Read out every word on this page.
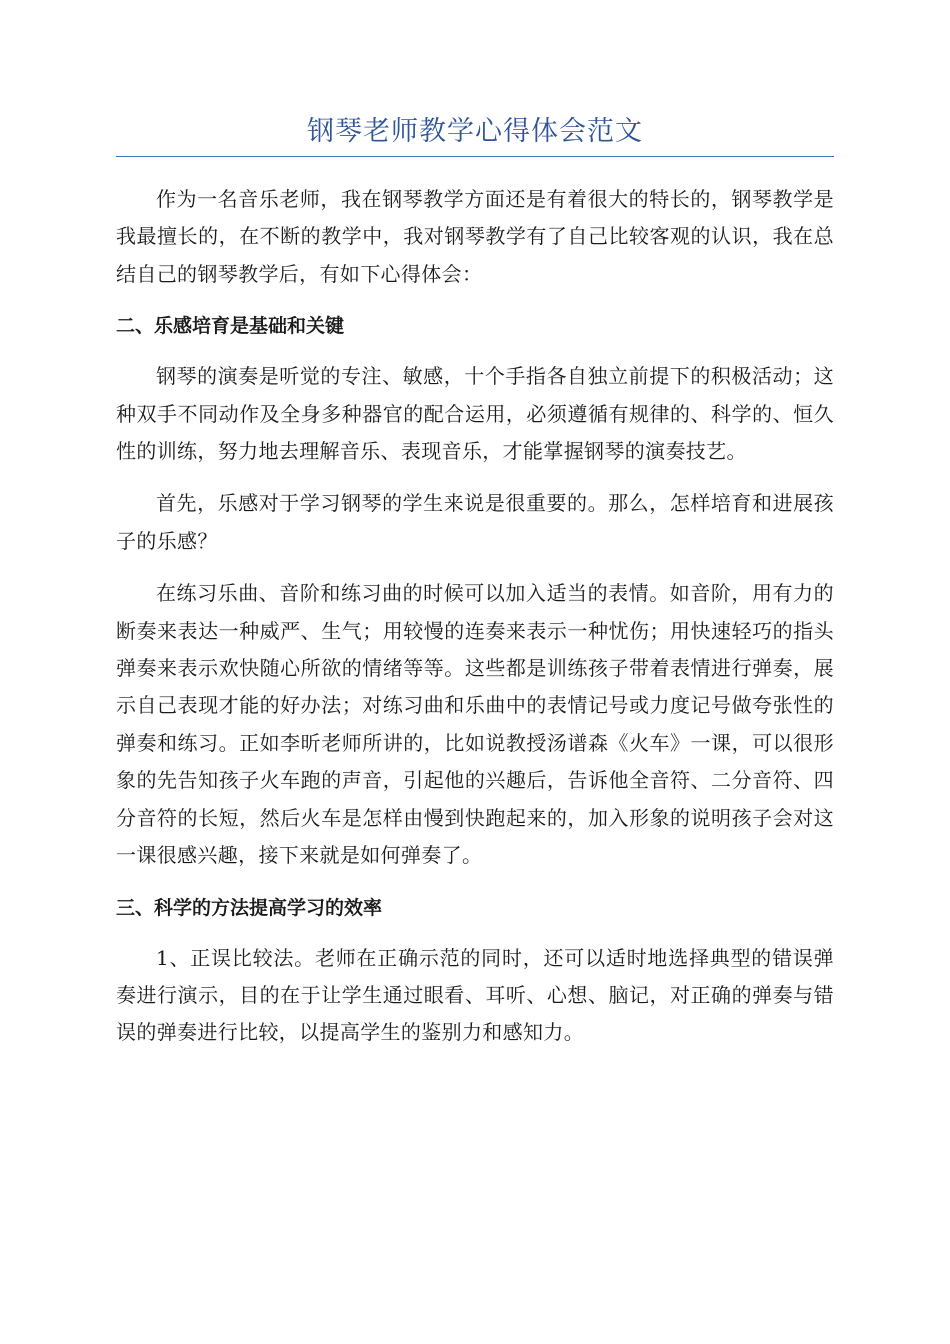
钢琴老师教学心得体会范文

作为一名音乐老师，我在钢琴教学方面还是有着很大的特长的，钢琴教学是我最擅长的，在不断的教学中，我对钢琴教学有了自己比较客观的认识，我在总结自己的钢琴教学后，有如下心得体会：

二、乐感培育是基础和关键

钢琴的演奏是听觉的专注、敏感，十个手指各自独立前提下的积极活动；这种双手不同动作及全身多种器官的配合运用，必须遵循有规律的、科学的、恒久性的训练，努力地去理解音乐、表现音乐，才能掌握钢琴的演奏技艺。

首先，乐感对于学习钢琴的学生来说是很重要的。那么，怎样培育和进展孩子的乐感？

在练习乐曲、音阶和练习曲的时候可以加入适当的表情。如音阶，用有力的断奏来表达一种威严、生气；用较慢的连奏来表示一种忧伤；用快速轻巧的指头弹奏来表示欢快随心所欲的情绪等等。这些都是训练孩子带着表情进行弹奏，展示自己表现才能的好办法；对练习曲和乐曲中的表情记号或力度记号做夸张性的弹奏和练习。正如李昕老师所讲的，比如说教授汤谱森《火车》一课，可以很形象的先告知孩子火车跑的声音，引起他的兴趣后，告诉他全音符、二分音符、四分音符的长短，然后火车是怎样由慢到快跑起来的，加入形象的说明孩子会对这一课很感兴趣，接下来就是如何弹奏了。

三、科学的方法提高学习的效率

1、正误比较法。老师在正确示范的同时，还可以适时地选择典型的错误弹奏进行演示，目的在于让学生通过眼看、耳听、心想、脑记，对正确的弹奏与错误的弹奏进行比较，以提高学生的鉴别力和感知力。
